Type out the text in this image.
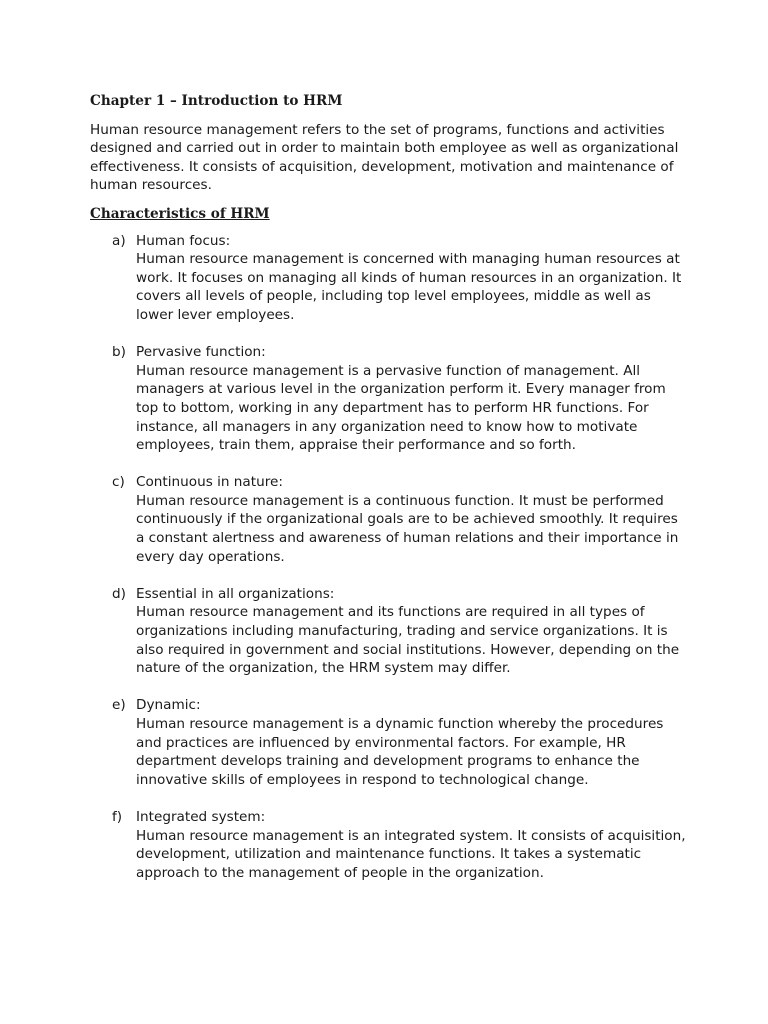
Chapter 1 – Introduction to HRM
Human resource management refers to the set of programs, functions and activities designed and carried out in order to maintain both employee as well as organizational effectiveness. It consists of acquisition, development, motivation and maintenance of human resources.
Characteristics of HRM
a) Human focus:
Human resource management is concerned with managing human resources at work. It focuses on managing all kinds of human resources in an organization. It covers all levels of people, including top level employees, middle as well as lower lever employees.
b) Pervasive function:
Human resource management is a pervasive function of management. All managers at various level in the organization perform it. Every manager from top to bottom, working in any department has to perform HR functions. For instance, all managers in any organization need to know how to motivate employees, train them, appraise their performance and so forth.
c) Continuous in nature:
Human resource management is a continuous function. It must be performed continuously if the organizational goals are to be achieved smoothly. It requires a constant alertness and awareness of human relations and their importance in every day operations.
d) Essential in all organizations:
Human resource management and its functions are required in all types of organizations including manufacturing, trading and service organizations. It is also required in government and social institutions. However, depending on the nature of the organization, the HRM system may differ.
e) Dynamic:
Human resource management is a dynamic function whereby the procedures and practices are influenced by environmental factors. For example, HR department develops training and development programs to enhance the innovative skills of employees in respond to technological change.
f) Integrated system:
Human resource management is an integrated system. It consists of acquisition, development, utilization and maintenance functions. It takes a systematic approach to the management of people in the organization.
